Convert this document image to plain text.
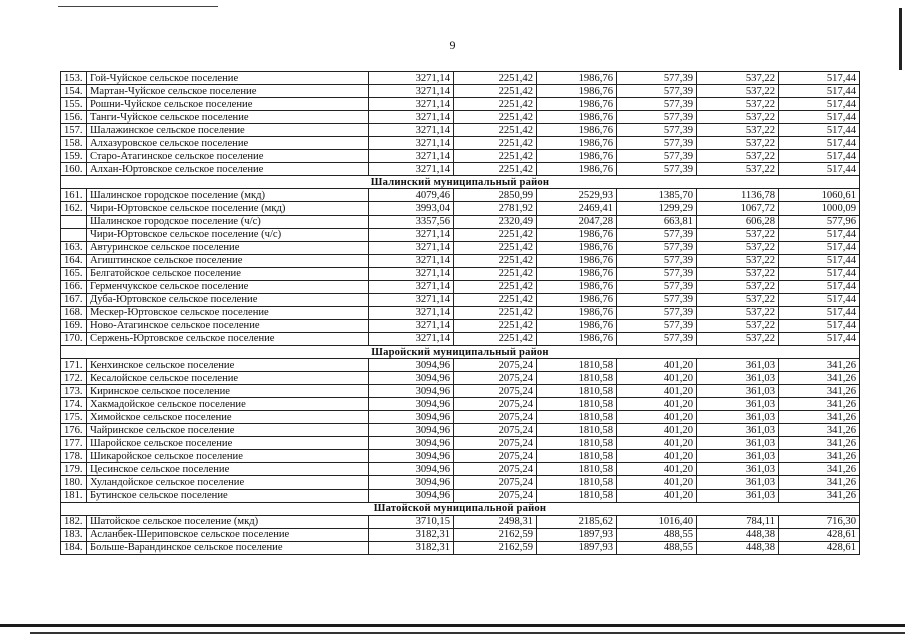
9
153.	Гой-Чуйское сельское поселение	3271,14	2251,42	1986,76	577,39	537,22	517,44
154.	Мартан-Чуйское сельское поселение	3271,14	2251,42	1986,76	577,39	537,22	517,44
155.	Рошни-Чуйское сельское поселение	3271,14	2251,42	1986,76	577,39	537,22	517,44
156.	Танги-Чуйское сельское поселение	3271,14	2251,42	1986,76	577,39	537,22	517,44
157.	Шалажинское сельское поселение	3271,14	2251,42	1986,76	577,39	537,22	517,44
158.	Алхазуровское сельское поселение	3271,14	2251,42	1986,76	577,39	537,22	517,44
159.	Старо-Атагинское сельское поселение	3271,14	2251,42	1986,76	577,39	537,22	517,44
160.	Алхан-Юртовское сельское поселение	3271,14	2251,42	1986,76	577,39	537,22	517,44
Шалинский муниципальный район							
161.	Шалинское городское поселение (мкд)	4079,46	2850,99	2529,93	1385,70	1136,78	1060,61
162.	Чири-Юртовское сельское поселение (мкд)	3993,04	2781,92	2469,41	1299,29	1067,72	1000,09
	Шалинское городское поселение (ч/с)	3357,56	2320,49	2047,28	663,81	606,28	577,96
	Чири-Юртовское сельское поселение (ч/с)	3271,14	2251,42	1986,76	577,39	537,22	517,44
163.	Автуринское сельское поселение	3271,14	2251,42	1986,76	577,39	537,22	517,44
164.	Агиштинское сельское поселение	3271,14	2251,42	1986,76	577,39	537,22	517,44
165.	Белгатойское сельское поселение	3271,14	2251,42	1986,76	577,39	537,22	517,44
166.	Герменчукское сельское поселение	3271,14	2251,42	1986,76	577,39	537,22	517,44
167.	Дуба-Юртовское сельское поселение	3271,14	2251,42	1986,76	577,39	537,22	517,44
168.	Мескер-Юртовское сельское поселение	3271,14	2251,42	1986,76	577,39	537,22	517,44
169.	Ново-Атагинское сельское поселение	3271,14	2251,42	1986,76	577,39	537,22	517,44
170.	Сержень-Юртовское сельское поселение	3271,14	2251,42	1986,76	577,39	537,22	517,44
Шаройский муниципальный район							
171.	Кенхинское сельское поселение	3094,96	2075,24	1810,58	401,20	361,03	341,26
172.	Кесалойское сельское поселение	3094,96	2075,24	1810,58	401,20	361,03	341,26
173.	Киринское сельское поселение	3094,96	2075,24	1810,58	401,20	361,03	341,26
174.	Хакмадойское сельское поселение	3094,96	2075,24	1810,58	401,20	361,03	341,26
175.	Химойское сельское поселение	3094,96	2075,24	1810,58	401,20	361,03	341,26
176.	Чайринское сельское поселение	3094,96	2075,24	1810,58	401,20	361,03	341,26
177.	Шаройское сельское поселение	3094,96	2075,24	1810,58	401,20	361,03	341,26
178.	Шикаройское сельское поселение	3094,96	2075,24	1810,58	401,20	361,03	341,26
179.	Цесинское сельское поселение	3094,96	2075,24	1810,58	401,20	361,03	341,26
180.	Хуландойское сельское поселение	3094,96	2075,24	1810,58	401,20	361,03	341,26
181.	Бутинское сельское поселение	3094,96	2075,24	1810,58	401,20	361,03	341,26
Шатойской муниципальной район							
182.	Шатойское сельское поселение (мкд)	3710,15	2498,31	2185,62	1016,40	784,11	716,30
183.	Асланбек-Шериповское сельское поселение	3182,31	2162,59	1897,93	488,55	448,38	428,61
184.	Больше-Варандинское сельское поселение	3182,31	2162,59	1897,93	488,55	448,38	428,61
